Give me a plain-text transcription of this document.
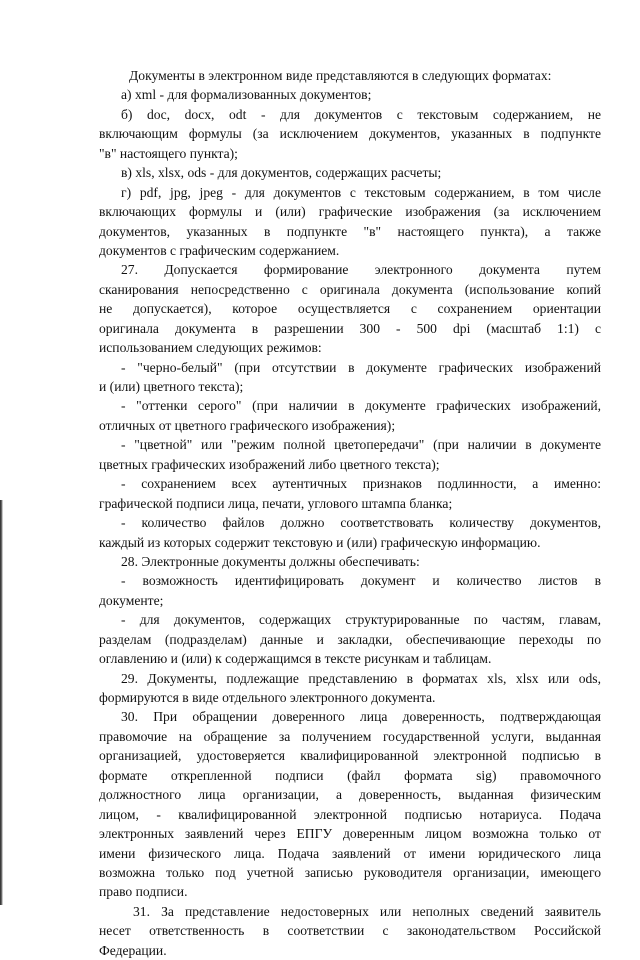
Документы в электронном виде представляются в следующих форматах:
а) xml - для формализованных документов;
б) doc, docx, odt - для документов с текстовым содержанием, не
включающим формулы (за исключением документов, указанных в подпункте
"в" настоящего пункта);
в) xls, xlsx, ods - для документов, содержащих расчеты;
г) pdf, jpg, jpeg - для документов с текстовым содержанием, в том числе
включающих формулы и (или) графические изображения (за исключением
документов, указанных в подпункте "в" настоящего пункта), а также
документов с графическим содержанием.
27. Допускается формирование электронного документа путем
сканирования непосредственно с оригинала документа (использование копий
не допускается), которое осуществляется с сохранением ориентации
оригинала документа в разрешении 300 - 500 dpi (масштаб 1:1) с
использованием следующих режимов:
- "черно-белый" (при отсутствии в документе графических изображений
и (или) цветного текста);
- "оттенки серого" (при наличии в документе графических изображений,
отличных от цветного графического изображения);
- "цветной" или "режим полной цветопередачи" (при наличии в документе
цветных графических изображений либо цветного текста);
- сохранением всех аутентичных признаков подлинности, а именно:
графической подписи лица, печати, углового штампа бланка;
- количество файлов должно соответствовать количеству документов,
каждый из которых содержит текстовую и (или) графическую информацию.
28. Электронные документы должны обеспечивать:
- возможность идентифицировать документ и количество листов в
документе;
- для документов, содержащих структурированные по частям, главам,
разделам (подразделам) данные и закладки, обеспечивающие переходы по
оглавлению и (или) к содержащимся в тексте рисункам и таблицам.
29. Документы, подлежащие представлению в форматах xls, xlsx или ods,
формируются в виде отдельного электронного документа.
30. При обращении доверенного лица доверенность, подтверждающая
правомочие на обращение за получением государственной услуги, выданная
организацией, удостоверяется квалифицированной электронной подписью в
формате открепленной подписи (файл формата sig) правомочного
должностного лица организации, а доверенность, выданная физическим
лицом, - квалифицированной электронной подписью нотариуса. Подача
электронных заявлений через ЕПГУ доверенным лицом возможна только от
имени физического лица. Подача заявлений от имени юридического лица
возможна только под учетной записью руководителя организации, имеющего
право подписи.
31. За представление недостоверных или неполных сведений заявитель
несет ответственность в соответствии с законодательством Российской
Федерации.
